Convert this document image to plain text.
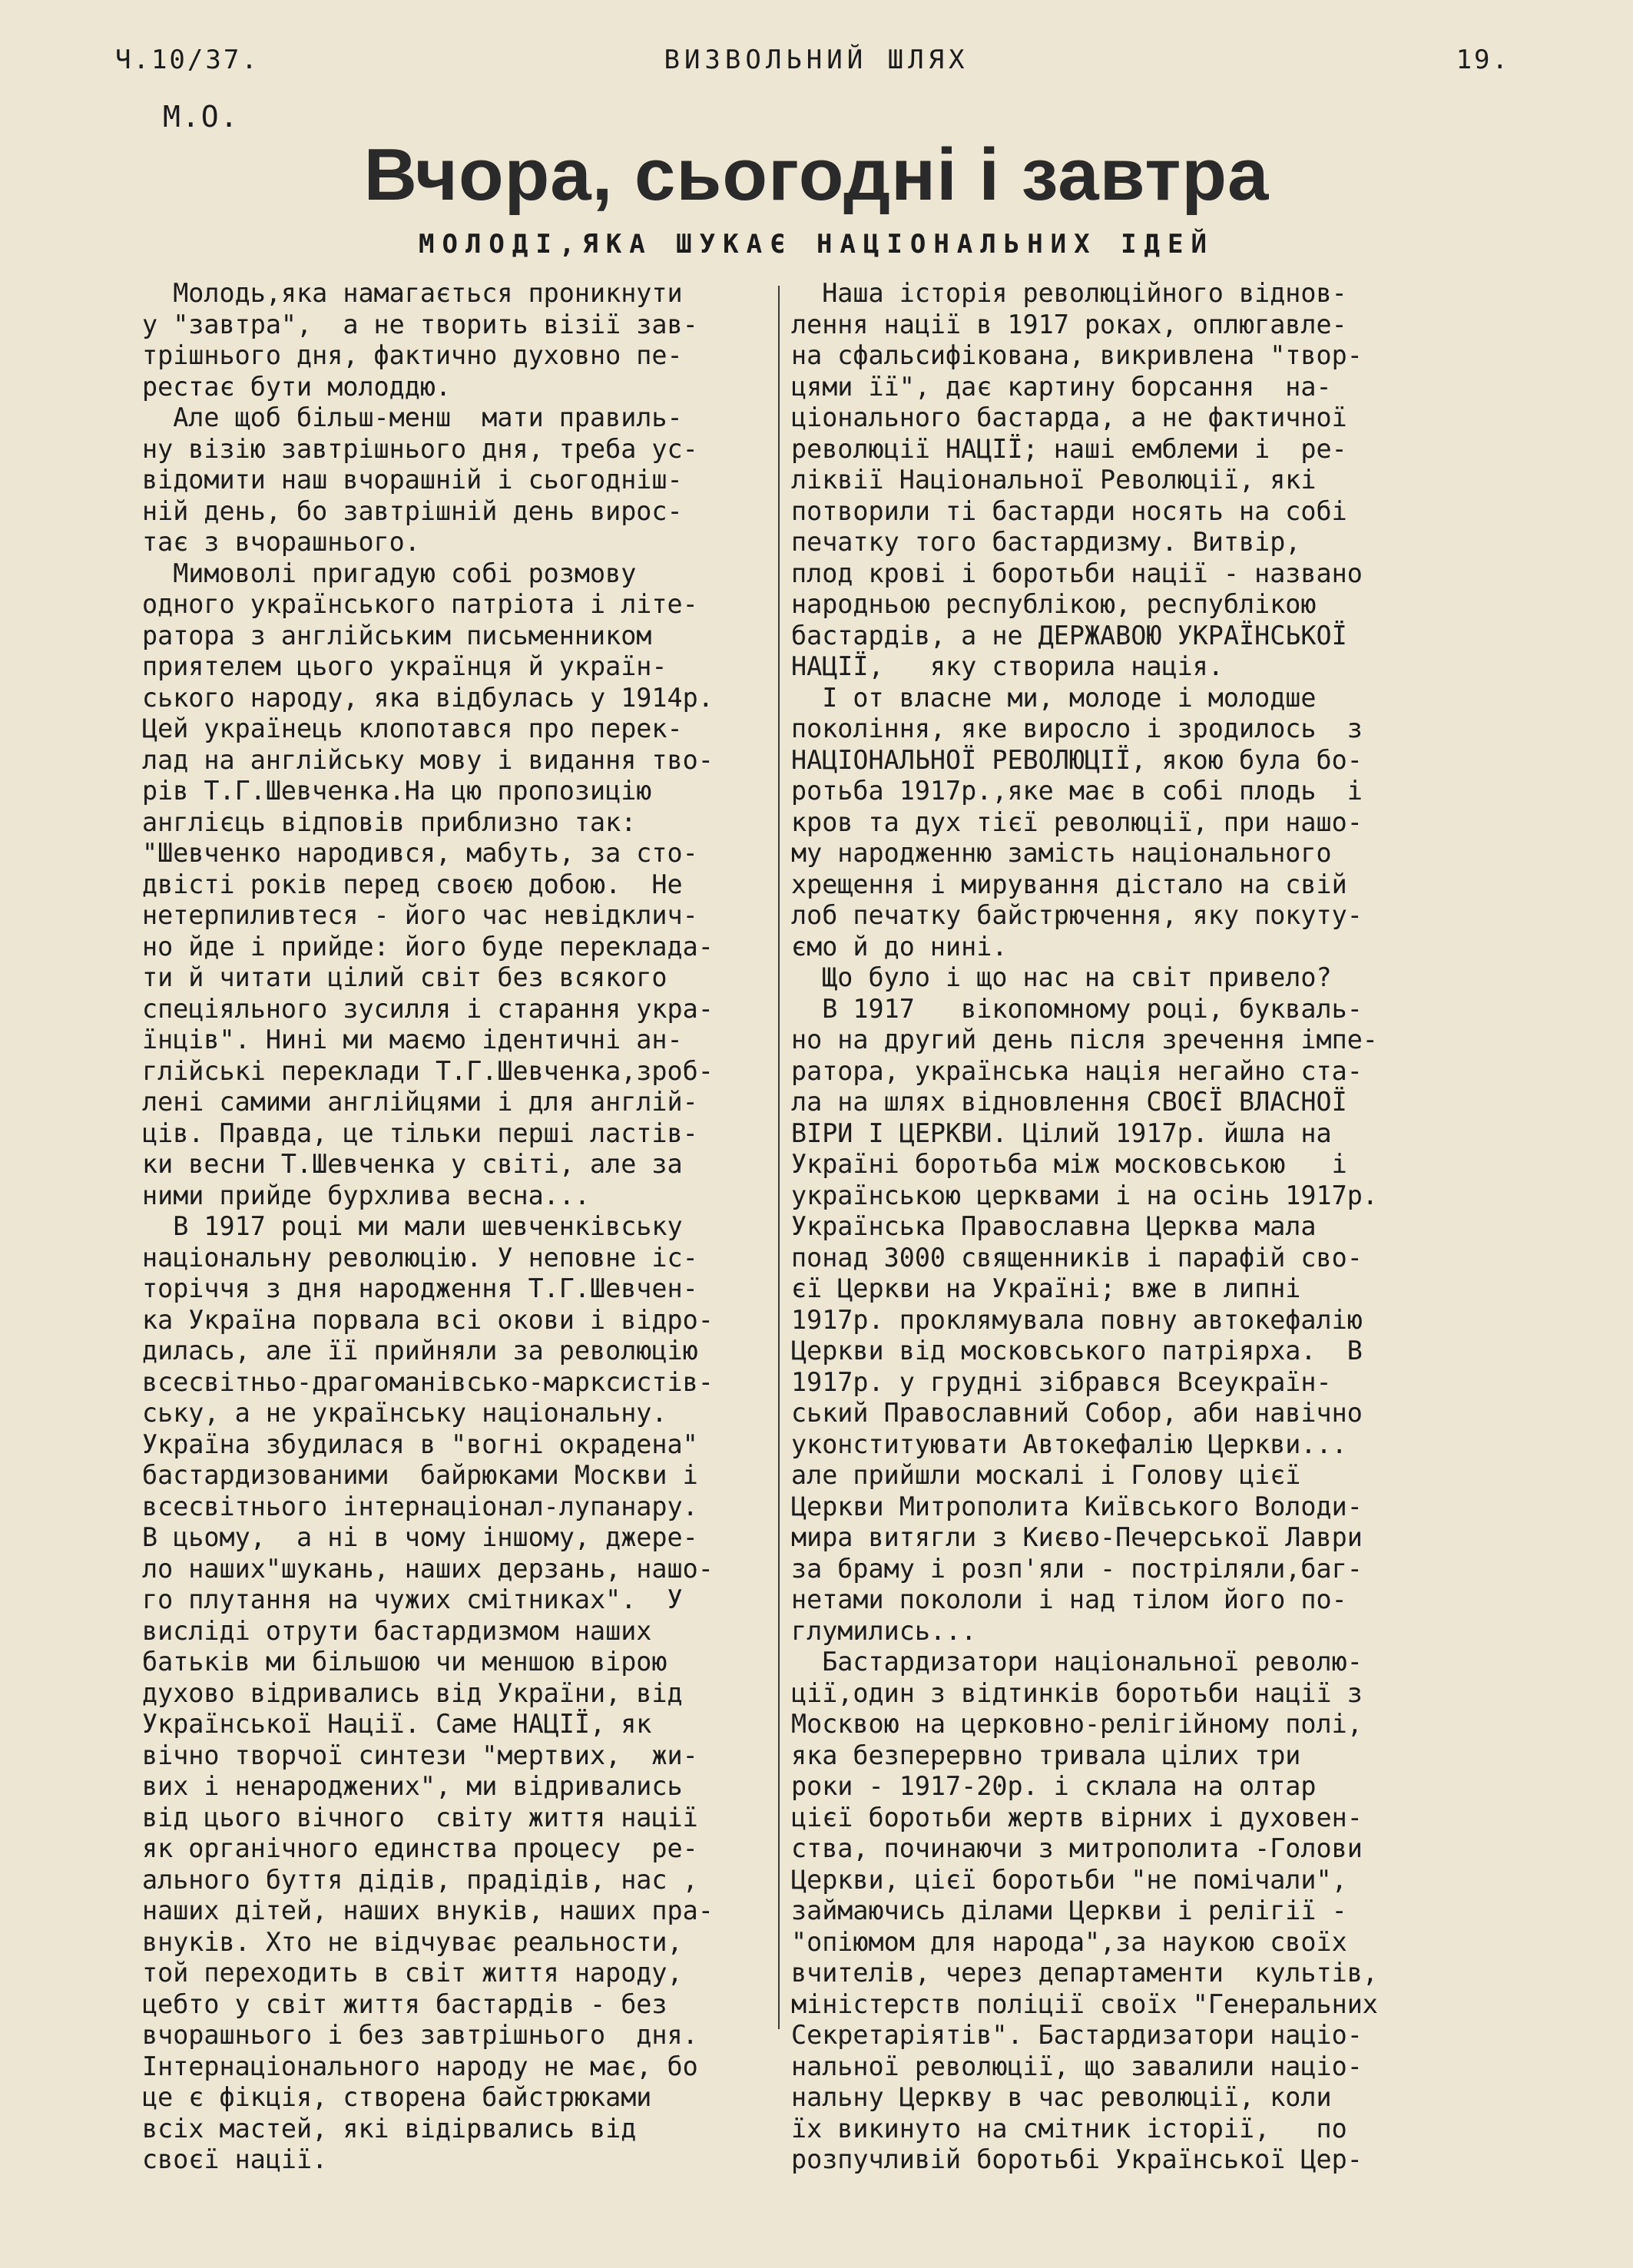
Ч.10/37.	ВИЗВОЛЬНИЙ ШЛЯХ	19.
М.О.
Вчора, сьогодні і завтра
МОЛОДІ,ЯКА ШУКАЄ НАЦІОНАЛЬНИХ ІДЕЙ
Молодь,яка намагається проникнути
у "завтра",  а не творить візії зав-
трішнього дня, фактично духовно пе-
рестає бути молоддю.
Але щоб більш-менш  мати правиль-
ну візію завтрішнього дня, треба ус-
відомити наш вчорашній і сьогодніш-
ній день, бо завтрішній день вирос-
тає з вчорашнього.
Мимоволі пригадую собі розмову
одного українського патріота і літе-
ратора з англійським письменником
приятелем цього українця й україн-
ського народу, яка відбулась у 1914р.
Цей українець клопотався про перек-
лад на англійську мову і видання тво-
рів Т.Г.Шевченка.На цю пропозицію
англієць відповів приблизно так:
"Шевченко народився, мабуть, за сто-
двісті років перед своєю добою.  Не
нетерпиливтеся - його час невідклич-
но йде і прийде: його буде переклада-
ти й читати цілий світ без всякого
спеціяльного зусилля і старання укра-
їнців". Нині ми маємо ідентичні ан-
глійські переклади Т.Г.Шевченка,зроб-
лені самими англійцями і для англій-
ців. Правда, це тільки перші ластів-
ки весни Т.Шевченка у світі, але за
ними прийде бурхлива весна...
В 1917 році ми мали шевченківську
національну революцію. У неповне іс-
торіччя з дня народження Т.Г.Шевчен-
ка Україна порвала всі окови і відро-
дилась, але її прийняли за революцію
всесвітньо-драгоманівсько-марксистів-
ську, а не українську національну.
Україна збудилася в "вогні окрадена"
бастардизованими  байрюками Москви і
всесвітнього інтернаціонал-лупанару.
В цьому,  а ні в чому іншому, джере-
ло наших"шукань, наших дерзань, нашо-
го плутання на чужих смітниках".  У
висліді отрути бастардизмом наших
батьків ми більшою чи меншою вірою
духово відривались від України, від
Української Нації. Саме НАЦІЇ, як
вічно творчої синтези "мертвих,  жи-
вих і ненароджених", ми відривались
від цього вічного  світу життя нації
як органічного единства процесу  ре-
ального буття дідів, прадідів, нас ,
наших дітей, наших внуків, наших пра-
внуків. Хто не відчуває реальности,
той переходить в світ життя народу,
цебто у світ життя бастардів - без
вчорашнього і без завтрішнього  дня.
Інтернаціонального народу не має, бо
це є фікція, створена байстрюками
всіх мастей, які відірвались від
своєї нації.
Наша історія революційного віднов-
лення нації в 1917 роках, оплюгавле-
на сфальсифікована, викривлена "твор-
цями її", дає картину борсання  на-
ціонального бастарда, а не фактичної
революції НАЦІЇ; наші емблеми і  ре-
ліквії Національної Революції, які
потворили ті бастарди носять на собі
печатку того бастардизму. Витвір,
плод крові і боротьби нації - названо
народньою республікою, республікою
бастардів, а не ДЕРЖАВОЮ УКРАЇНСЬКОЇ
НАЦІЇ,   яку створила нація.
І от власне ми, молоде і молодше
покоління, яке виросло і зродилось  з
НАЦІОНАЛЬНОЇ РЕВОЛЮЦІЇ, якою була бо-
ротьба 1917р.,яке має в собі плодь  і
кров та дух тієї революції, при нашо-
му народженню замість національного
хрещення і мирування дістало на свій
лоб печатку байстрючення, яку покуту-
ємо й до нині.
Що було і що нас на світ привело?
В 1917   вікопомному році, букваль-
но на другий день після зречення імпе-
ратора, українська нація негайно ста-
ла на шлях відновлення СВОЄЇ ВЛАСНОЇ
ВІРИ І ЦЕРКВИ. Цілий 1917р. йшла на
Україні боротьба між московською   і
українською церквами і на осінь 1917р.
Українська Православна Церква мала
понад 3000 священників і парафій сво-
єї Церкви на Україні; вже в липні
1917р. проклямувала повну автокефалію
Церкви від московського патріярха.  В
1917р. у грудні зібрався Всеукраїн-
ський Православний Собор, аби навічно
уконституювати Автокефалію Церкви...
але прийшли москалі і Голову цієї
Церкви Митрополита Київського Володи-
мира витягли з Києво-Печерської Лаври
за браму і розп'яли - постріляли,баг-
нетами покололи і над тілом його по-
глумились...
Бастардизатори національної револю-
ції,один з відтинків боротьби нації з
Москвою на церковно-релігійному полі,
яка безперервно тривала цілих три
роки - 1917-20р. і склала на олтар
цієї боротьби жертв вірних і духовен-
ства, починаючи з митрополита -Голови
Церкви, цієї боротьби "не помічали",
займаючись ділами Церкви і релігії -
"опіюмом для народа",за наукою своїх
вчителів, через департаменти  культів,
міністерств поліції своїх "Генеральних
Секретаріятів". Бастардизатори націо-
нальної революції, що завалили націо-
нальну Церкву в час революції, коли
їх викинуто на смітник історії,   по
розпучливій боротьбі Української Цер-
